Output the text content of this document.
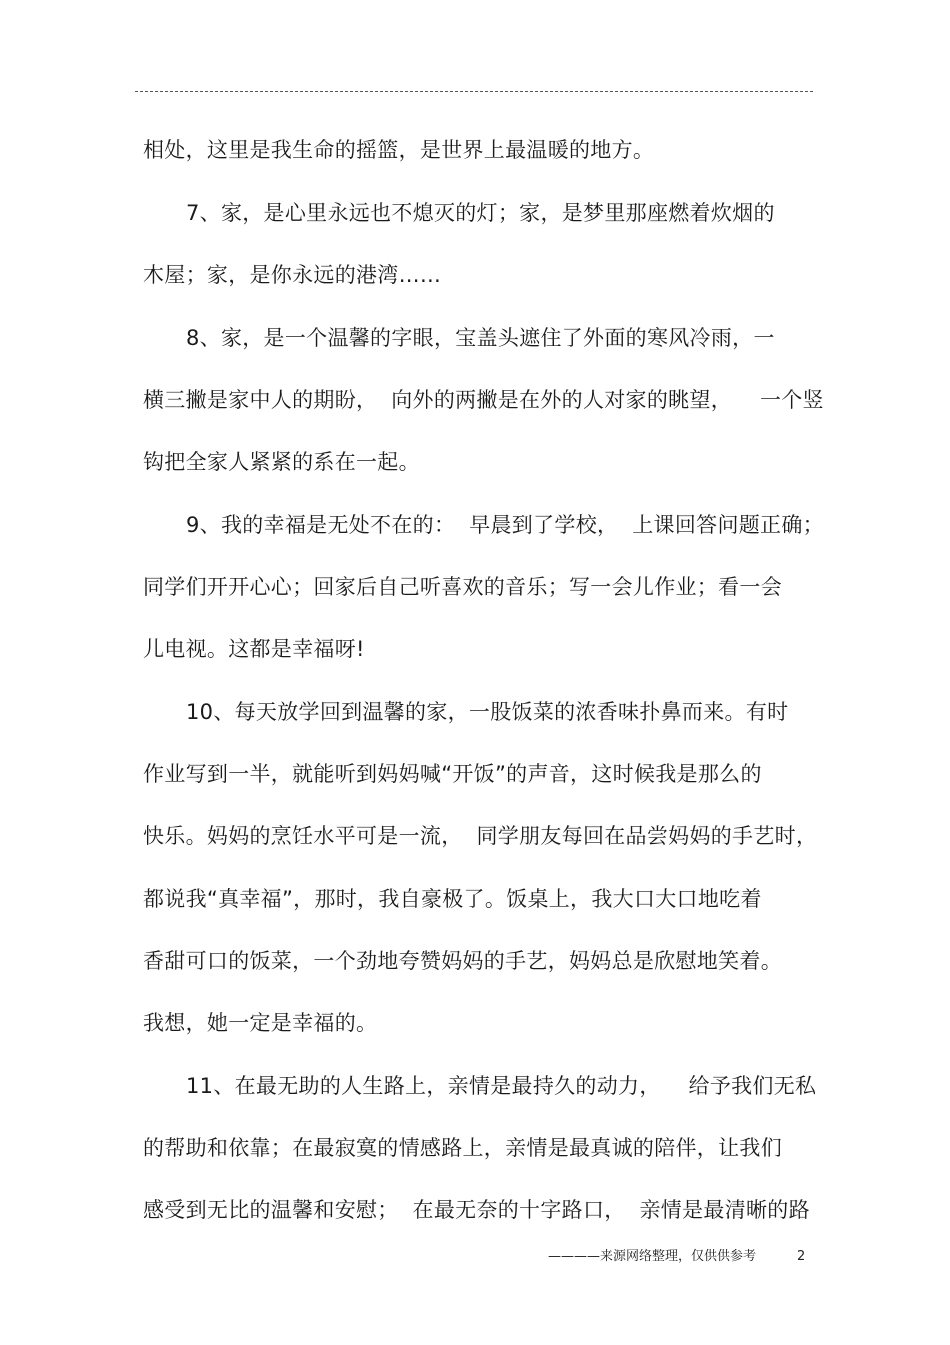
相处，这里是我生命的摇篮，是世界上最温暖的地方。
7、家，是心里永远也不熄灭的灯；家，是梦里那座燃着炊烟的
木屋；家，是你永远的港湾……
8、家，是一个温馨的字眼，宝盖头遮住了外面的寒风冷雨，一
横三撇是家中人的期盼，  向外的两撇是在外的人对家的眺望，    一个竖
钩把全家人紧紧的系在一起。
9、我的幸福是无处不在的：  早晨到了学校，  上课回答问题正确；
同学们开开心心；回家后自己听喜欢的音乐；写一会儿作业；看一会
儿电视。这都是幸福呀!
10、每天放学回到温馨的家，一股饭菜的浓香味扑鼻而来。有时
作业写到一半，就能听到妈妈喊“开饭”的声音，这时候我是那么的
快乐。妈妈的烹饪水平可是一流，  同学朋友每回在品尝妈妈的手艺时，
都说我“真幸福”，那时，我自豪极了。饭桌上，我大口大口地吃着
香甜可口的饭菜，一个劲地夸赞妈妈的手艺，妈妈总是欣慰地笑着。
我想，她一定是幸福的。
11、在最无助的人生路上，亲情是最持久的动力，    给予我们无私
的帮助和依靠；在最寂寞的情感路上，亲情是最真诚的陪伴，让我们
感受到无比的温馨和安慰；  在最无奈的十字路口，  亲情是最清晰的路
————来源网络整理，仅供供参考	2
